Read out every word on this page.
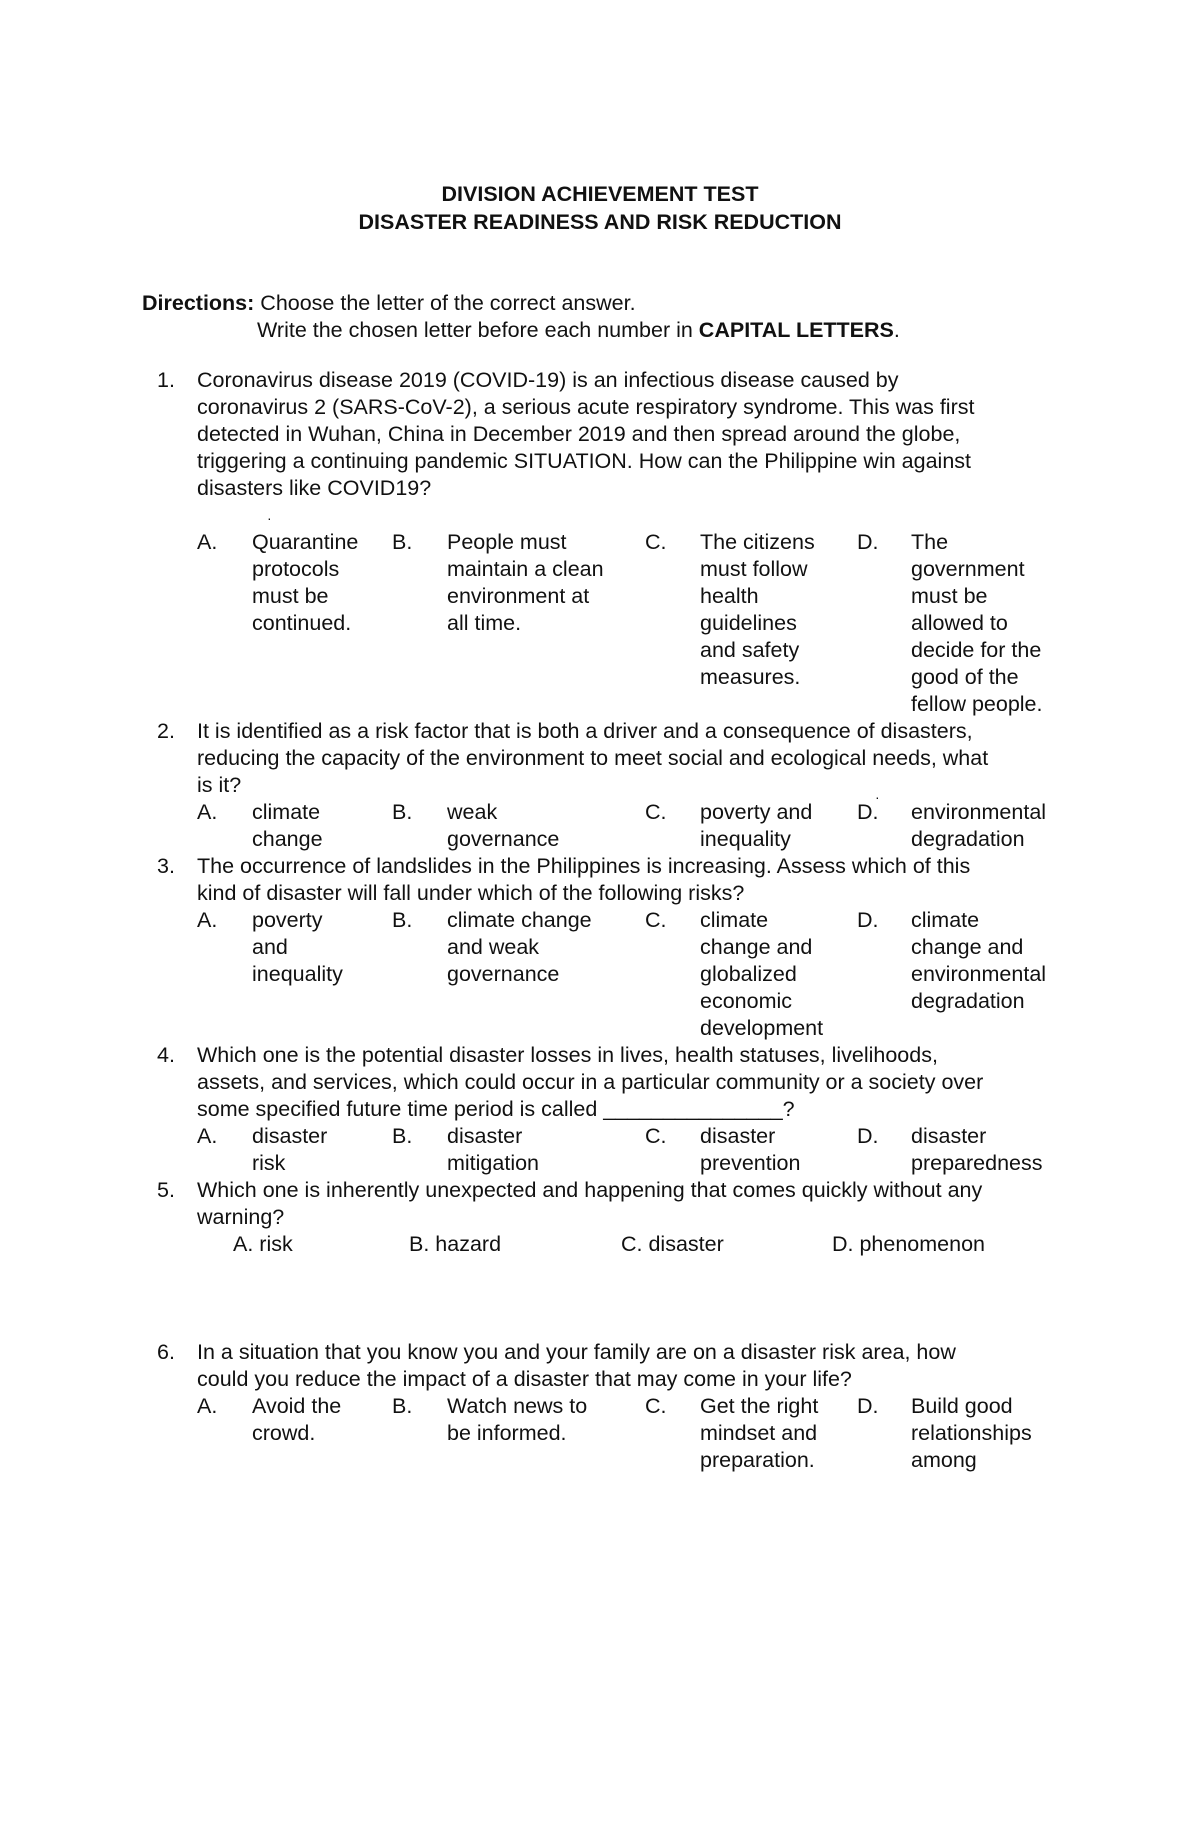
DIVISION ACHIEVEMENT TEST
DISASTER READINESS AND RISK REDUCTION
Directions: Choose the letter of the correct answer.
Write the chosen letter before each number in CAPITAL LETTERS.
1.	Coronavirus disease 2019 (COVID-19) is an infectious disease caused by
coronavirus 2 (SARS-CoV-2), a serious acute respiratory syndrome. This was first
detected in Wuhan, China in December 2019 and then spread around the globe,
triggering a continuing pandemic SITUATION. How can the Philippine win against
disasters like COVID19?
·
A. Quarantine
protocols
must be
continued.
B. People must
maintain a clean
environment at
all time.
C. The citizens
must follow
health
guidelines
and safety
measures.
D. The
government
must be
allowed to
decide for the
good of the
fellow people.
2.	It is identified as a risk factor that is both a driver and a consequence of disasters,
reducing the capacity of the environment to meet social and ecological needs, what
is it?	·
A. climate
change
B. weak
governance
C. poverty and
inequality
D. environmental
degradation
3.	The occurrence of landslides in the Philippines is increasing. Assess which of this
kind of disaster will fall under which of the following risks?
A. poverty
and
inequality
B. climate change
and weak
governance
C. climate
change and
globalized
economic
development
D. climate
change and
environmental
degradation
4.	Which one is the potential disaster losses in lives, health statuses, livelihoods,
assets, and services, which could occur in a particular community or a society over
some specified future time period is called _______________?
A. disaster
risk
B. disaster
mitigation
C. disaster
prevention
D. disaster
preparedness
5.	Which one is inherently unexpected and happening that comes quickly without any
warning?
A. risk	B. hazard	C. disaster	D. phenomenon
6.	In a situation that you know you and your family are on a disaster risk area, how
could you reduce the impact of a disaster that may come in your life?
A. Avoid the
crowd.
B. Watch news to
be informed.
C. Get the right
mindset and
preparation.
D. Build good
relationships
among
